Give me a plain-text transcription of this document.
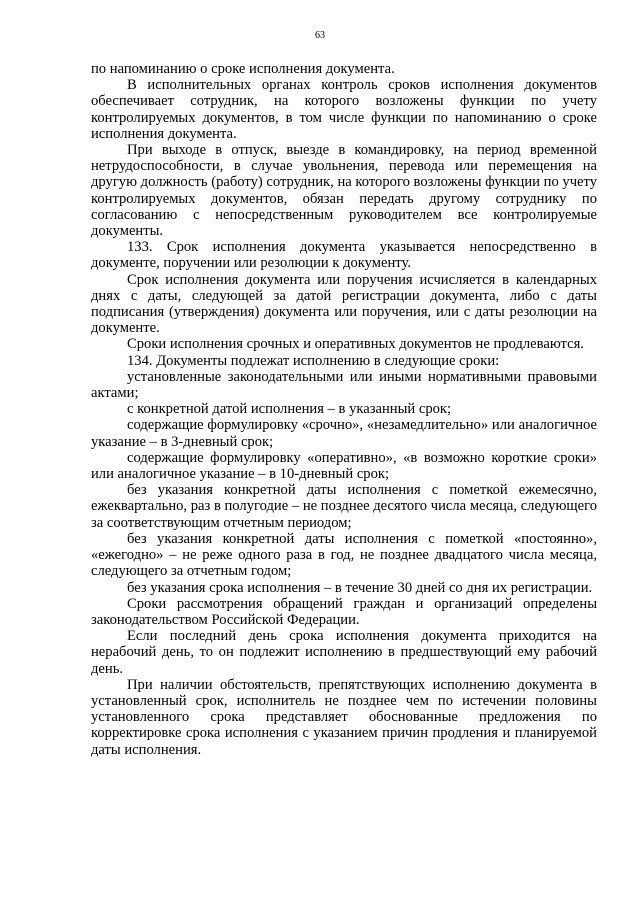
63

по напоминанию о сроке исполнения документа.

В исполнительных органах контроль сроков исполнения документов обеспечивает сотрудник, на которого возложены функции по учету контролируемых документов, в том числе функции по напоминанию о сроке исполнения документа.

При выходе в отпуск, выезде в командировку, на период временной нетрудоспособности, в случае увольнения, перевода или перемещения на другую должность (работу) сотрудник, на которого возложены функции по учету контролируемых документов, обязан передать другому сотруднику по согласованию с непосредственным руководителем все контролируемые документы.

133. Срок исполнения документа указывается непосредственно в документе, поручении или резолюции к документу.

Срок исполнения документа или поручения исчисляется в календарных днях с даты, следующей за датой регистрации документа, либо с даты подписания (утверждения) документа или поручения, или с даты резолюции на документе.

Сроки исполнения срочных и оперативных документов не продлеваются.

134. Документы подлежат исполнению в следующие сроки:

установленные законодательными или иными нормативными правовыми актами;

с конкретной датой исполнения – в указанный срок;

содержащие формулировку «срочно», «незамедлительно» или аналогичное указание – в 3-дневный срок;

содержащие формулировку «оперативно», «в возможно короткие сроки» или аналогичное указание – в 10-дневный срок;

без указания конкретной даты исполнения с пометкой ежемесячно, ежеквартально, раз в полугодие – не позднее десятого числа месяца, следующего за соответствующим отчетным периодом;

без указания конкретной даты исполнения с пометкой «постоянно», «ежегодно» – не реже одного раза в год, не позднее двадцатого числа месяца, следующего за отчетным годом;

без указания срока исполнения – в течение 30 дней со дня их регистрации.

Сроки рассмотрения обращений граждан и организаций определены законодательством Российской Федерации.

Если последний день срока исполнения документа приходится на нерабочий день, то он подлежит исполнению в предшествующий ему рабочий день.

При наличии обстоятельств, препятствующих исполнению документа в установленный срок, исполнитель не позднее чем по истечении половины установленного срока представляет обоснованные предложения по корректировке срока исполнения с указанием причин продления и планируемой даты исполнения.
